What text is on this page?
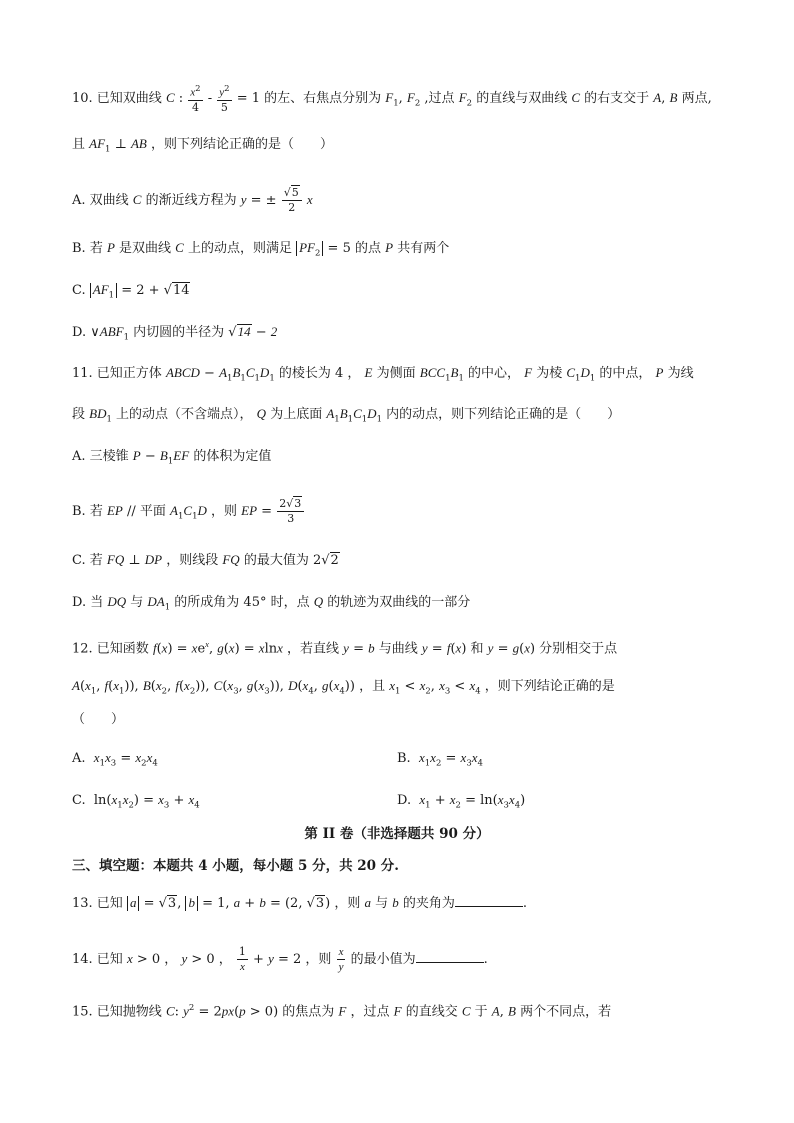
10. 已知双曲线 C : $\frac{x^2}{4} - \frac{y^2}{5} = 1$ 的左、右焦点分别为 $F_1$, $F_2$ ,过点 $F_2$ 的直线与双曲线 C 的右支交于 A, B 两点,
且 $AF_1$ ⊥ AB ，则下列结论正确的是（　　）
A. 双曲线 C 的渐近线方程为 y = ± $\frac{√5}{2}$ x
B. 若 P 是双曲线 C 上的动点，则满足 $PF_2 = 5$ 的点 P 共有两个
C. $AF_1 = 2 + √14$
D. $\vee ABF_1$ 内切圆的半径为 √14 − 2
11. 已知正方体 ABCD − $A_1B_1C_1D_1$ 的棱长为 4 ， E 为侧面 $BCC_1B_1$ 的中心， F 为棱 $C_1D_1$ 的中点， P 为线
段 $BD_1$ 上的动点（不含端点）， Q 为上底面 $A_1B_1C_1D_1$ 内的动点，则下列结论正确的是（　　）
A. 三棱锥 $P - B_1EF$ 的体积为定值
B. 若 EP // 平面 $A_1C_1D$ ，则 EP = $\frac{2√3}{3}$
C. 若 FQ ⊥ DP ，则线段 FQ 的最大值为 2√2
D. 当 DQ 与 $DA_1$ 的所成角为 45° 时，点 Q 的轨迹为双曲线的一部分
12. 已知函数 $f(x) = xe^x$, g(x) = xlnx ，若直线 y = b 与曲线 y = f(x) 和 y = g(x) 分别相交于点
$A(x_1$, $f(x_1)$), $B(x_2$, $f(x_2)$), $C(x_3$, $g(x_3)$), $D(x_4$, $g(x_4)$) ，且 $x_1 < x_2$, $x_3 < x_4$ ，则下列结论正确的是
（　　）
A.  $x_1x_3 = x_2x_4$	B.  $x_1x_2 = x_3x_4$
C.  $\ln(x_1x_2) = x_3 + x_4$	D.  $x_1 + x_2 = \ln(x_3x_4)$
第 II 卷（非选择题共 90 分）
三、填空题：本题共 4 小题，每小题 5 分，共 20 分.
13. 已知 a = √3, b = 1, a + b = (2, √3) ，则 a 与 b 的夹角为	.
14. 已知 x > 0 ， y > 0 ， $\frac{1}{x} + y = 2$ ，则 $\frac{x}{y}$ 的最小值为	.
15. 已知抛物线 C: $y^2 = 2px(p > 0)$ 的焦点为 F ，过点 F 的直线交 C 于 A, B 两个不同点，若
